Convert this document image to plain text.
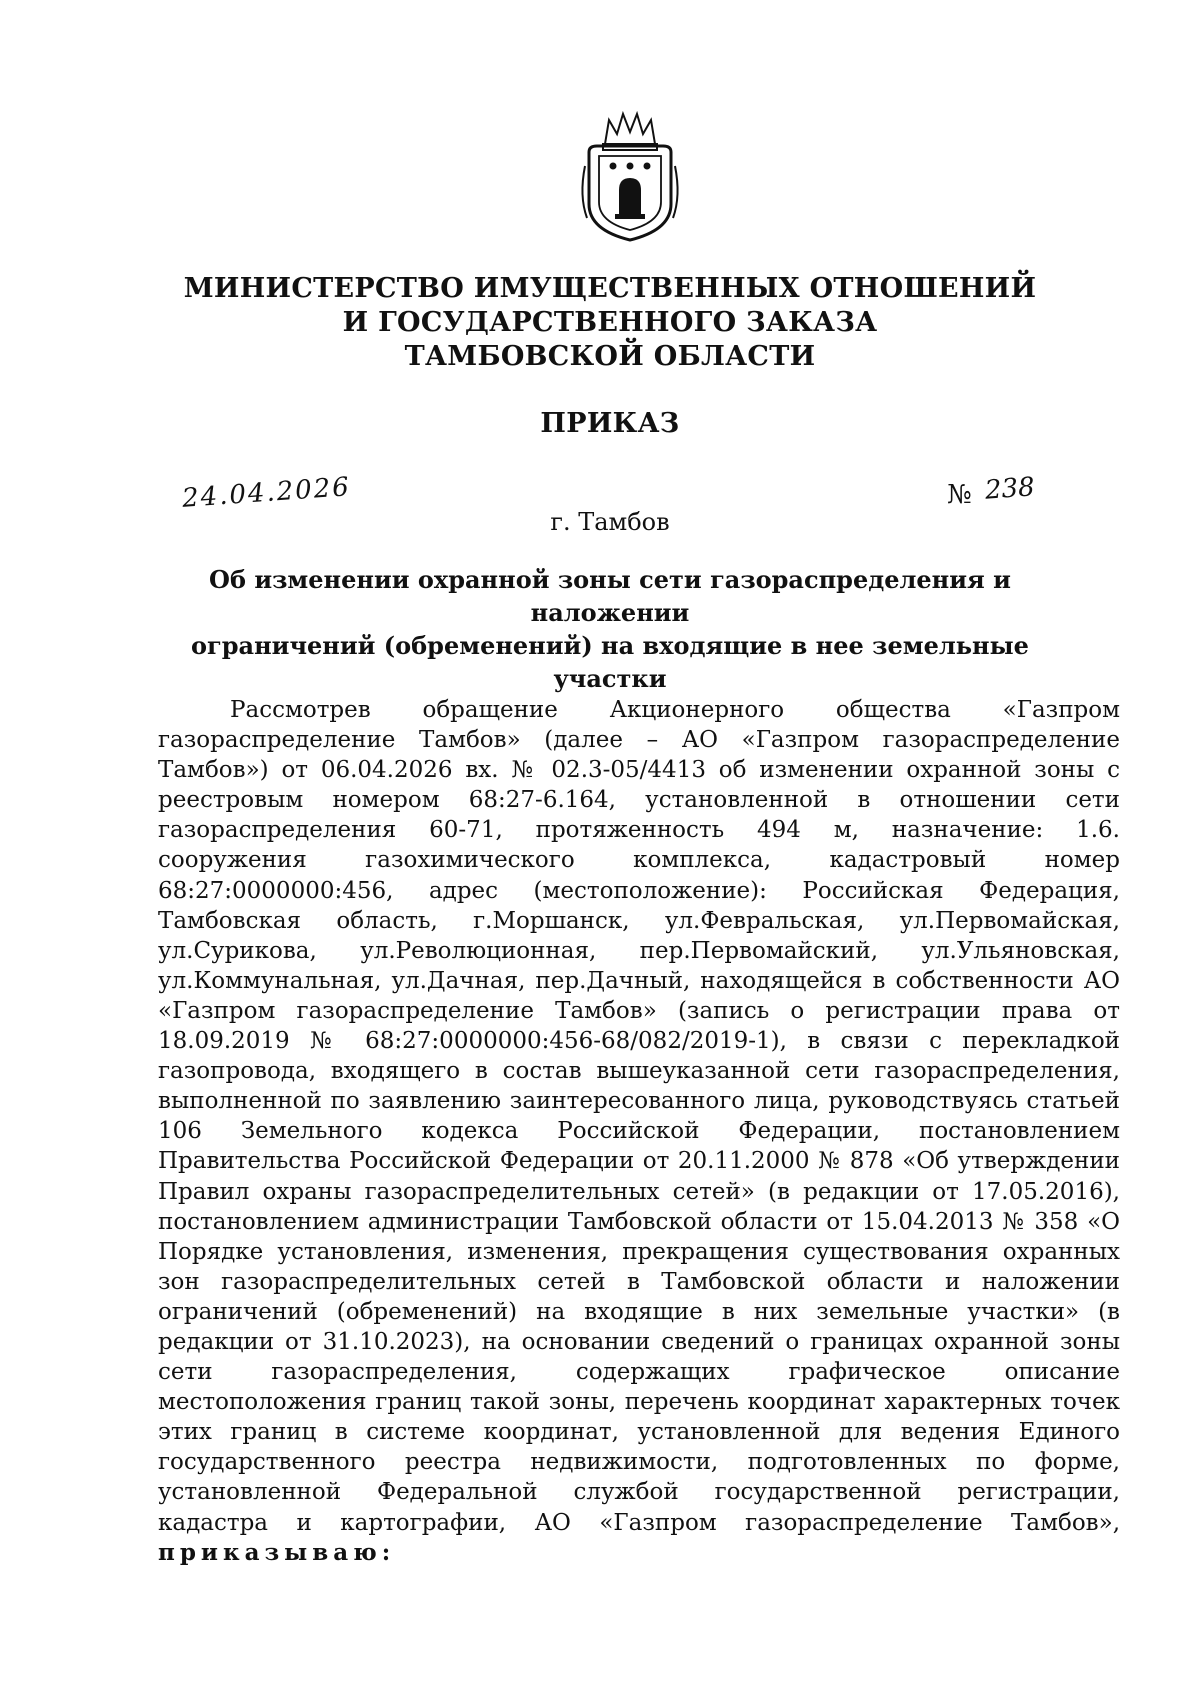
МИНИСТЕРСТВО ИМУЩЕСТВЕННЫХ ОТНОШЕНИЙ
И ГОСУДАРСТВЕННОГО ЗАКАЗА
ТАМБОВСКОЙ ОБЛАСТИ
ПРИКАЗ
24.04.2026	№ 238
г. Тамбов
Об изменении охранной зоны сети газораспределения и наложении
ограничений (обременений) на входящие в нее земельные участки

Рассмотрев обращение Акционерного общества «Газпром газораспределение Тамбов» (далее – АО «Газпром газораспределение Тамбов») от 06.04.2026 вх. № 02.3-05/4413 об изменении охранной зоны с реестровым номером 68:27-6.164, установленной в отношении сети газораспределения 60-71, протяженность 494 м, назначение: 1.6. сооружения газохимического комплекса, кадастровый номер 68:27:0000000:456, адрес (местоположение): Российская Федерация, Тамбовская область, г.Моршанск, ул.Февральская, ул.Первомайская, ул.Сурикова, ул.Революционная, пер.Первомайский, ул.Ульяновская, ул.Коммунальная, ул.Дачная, пер.Дачный, находящейся в собственности АО «Газпром газораспределение Тамбов» (запись о регистрации права от 18.09.2019 № 68:27:0000000:456-68/082/2019-1), в связи с перекладкой газопровода, входящего в состав вышеуказанной сети газораспределения, выполненной по заявлению заинтересованного лица, руководствуясь статьей 106 Земельного кодекса Российской Федерации, постановлением Правительства Российской Федерации от 20.11.2000 № 878 «Об утверждении Правил охраны газораспределительных сетей» (в редакции от 17.05.2016), постановлением администрации Тамбовской области от 15.04.2013 № 358 «О Порядке установления, изменения, прекращения существования охранных зон газораспределительных сетей в Тамбовской области и наложении ограничений (обременений) на входящие в них земельные участки» (в редакции от 31.10.2023), на основании сведений о границах охранной зоны сети газораспределения, содержащих графическое описание местоположения границ такой зоны, перечень координат характерных точек этих границ в системе координат, установленной для ведения Единого государственного реестра недвижимости, подготовленных по форме, установленной Федеральной службой государственной регистрации, кадастра и картографии, АО «Газпром газораспределение Тамбов», приказываю:
